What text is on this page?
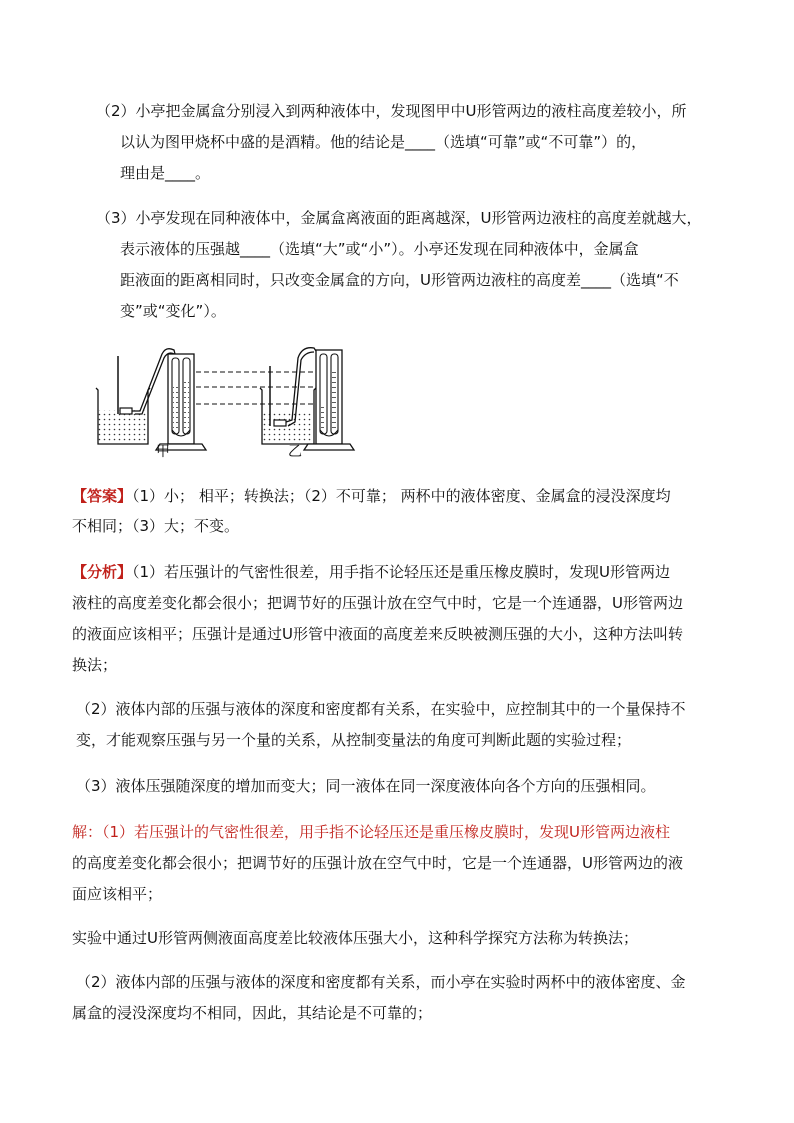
（2）小亭把金属盒分别浸入到两种液体中，发现图甲中U形管两边的液柱高度差较小，所
以认为图甲烧杯中盛的是酒精。他的结论是____（选填“可靠”或“不可靠”）的，
理由是____。
（3）小亭发现在同种液体中，金属盒离液面的距离越深，U形管两边液柱的高度差就越大，
表示液体的压强越____（选填“大”或“小”）。小亭还发现在同种液体中，金属盒
距液面的距离相同时，只改变金属盒的方向，U形管两边液柱的高度差____（选填“不
变”或“变化”）。
甲	乙
【答案】（1）小； 相平；转换法；（2）不可靠； 两杯中的液体密度、金属盒的浸没深度均
不相同；（3）大；不变。
【分析】（1）若压强计的气密性很差，用手指不论轻压还是重压橡皮膜时，发现U形管两边
液柱的高度差变化都会很小；把调节好的压强计放在空气中时，它是一个连通器，U形管两边
的液面应该相平；压强计是通过U形管中液面的高度差来反映被测压强的大小，这种方法叫转
换法；
（2）液体内部的压强与液体的深度和密度都有关系，在实验中，应控制其中的一个量保持不
变，才能观察压强与另一个量的关系，从控制变量法的角度可判断此题的实验过程；
（3）液体压强随深度的增加而变大；同一液体在同一深度液体向各个方向的压强相同。
解：（1）若压强计的气密性很差，用手指不论轻压还是重压橡皮膜时，发现U形管两边液柱
的高度差变化都会很小；把调节好的压强计放在空气中时，它是一个连通器，U形管两边的液
面应该相平；
实验中通过U形管两侧液面高度差比较液体压强大小，这种科学探究方法称为转换法；
（2）液体内部的压强与液体的深度和密度都有关系，而小亭在实验时两杯中的液体密度、金
属盒的浸没深度均不相同，因此，其结论是不可靠的；
